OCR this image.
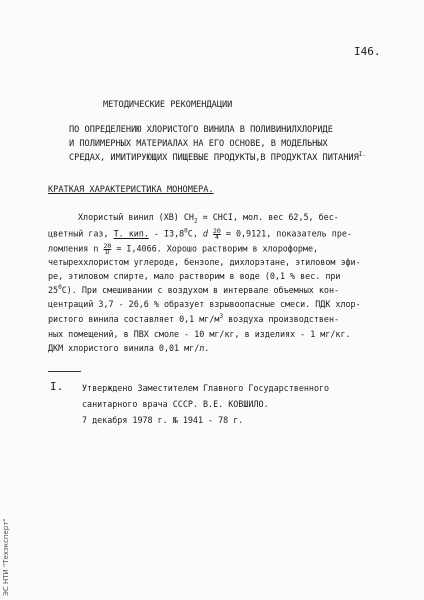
I46.
МЕТОДИЧЕСКИЕ РЕКОМЕНДАЦИИ
ПО ОПРЕДЕЛЕНИЮ ХЛОРИСТОГО ВИНИЛА В ПОЛИВИНИЛХЛОРИДЕ
И ПОЛИМЕРНЫХ МАТЕРИАЛАХ НА ЕГО ОСНОВЕ, В МОДЕЛЬНЫХ
СРЕДАХ, ИМИТИРУЮЩИХ ПИЩЕВЫЕ ПРОДУКТЫ,В ПРОДУКТАХ $ПИТАНИЯ^{I.}$
КРАТКАЯ ХАРАКТЕРИСТИКА МОНОМЕРА.
Хлористый винил (ХВ) $CH_2$ = CHCI, мол. вес 62,5, бес-
цветный газ, Т. кип. - $I3,8^0C$, d $\frac{20}{4} = 0,9121$, показатель пре-
ломления n $\frac{20}{D} = I,4066$. Хорошо растворим в хлороформе,
четыреххлористом углероде, бензоле, дихлорэтане, этиловом эфи-
ре, этиловом спирте, мало растворим в воде (0,1 % вес. при
$25^0C$). При смешивании с воздухом в интервале объемных кон-
центраций 3,7 - 26,6 % образует взрывоопасные смеси. ПДК хлор-
ристого винила составляет 0,1 $мг/м^3$ воздуха производствен-
ных помещений, в ПВХ смоле - 10 мг/кг, в изделиях - 1 мг/кг.
ДКМ хлористого винила 0,01 мг/л.
I. Утверждено Заместителем Главного Государственного
санитарного врача СССР. В.Е. КОВШИЛО.
7 декабря 1978 г. № 1941 - 78 г.
ЭС НТИ "Техэксперт"
